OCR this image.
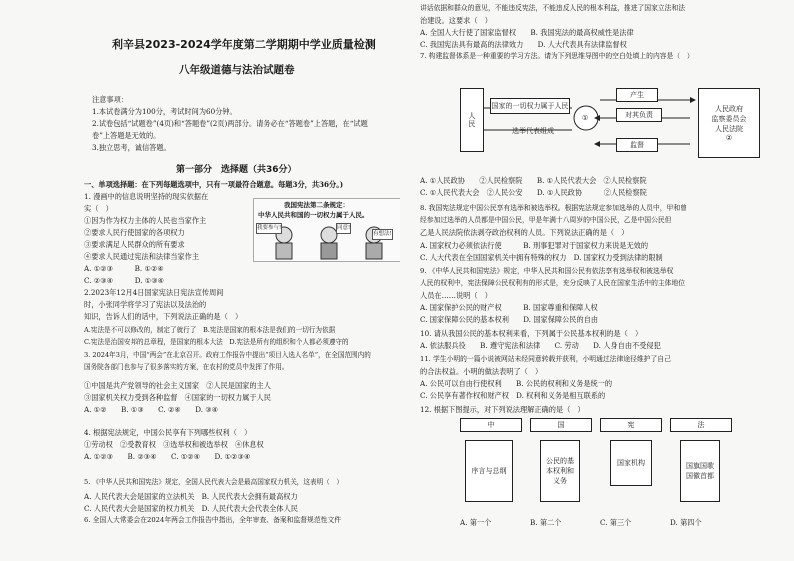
利辛县2023-2024学年度第二学期期中学业质量检测
八年级道德与法治试题卷
注意事项：
1.本试卷满分为100分，考试时间为60分钟。
2.试卷包括“试题卷”(4页)和“答题卷”(2页)两部分。请务必在“答题卷”上答题，在“试题
卷”上答题是无效的。
3.独立思考，诚信答题。
第一部分　选择题（共36分）
一、单项选择题：在下列每题选项中，只有一项最符合题意。每题3分，共36分。)
1. 漫画中的信息说明坚持的现实依据在
实（　）
①因为作为权力主体的人民也当家作主
②要求人民行使国家的各项权力
③要求满足人民群众的所有要求
④要求人民通过宪法和法律当家作主
A. ①②③　　　B. ①②④
C. ②③④　　　D. ①③④
2.2023年12月4日国家宪法日宪法宣传周间
时，小张同学将学习了宪法以及法治的
知识，告诉人们的话中，下列说法正确的是（　）
A.宪法是不可以修改的，制定了就行了　B.宪法是国家的根本法是我们的一切行为依据
C.宪法是治国安邦的总章程，是国家的根本大法　D.宪法是所有的组织和个人都必须遵守的
3. 2024年3月，中国“两会”在北京召开。政府工作报告中提出“项目入选人名单”，在全国范围内的
国务院各部门也参与了很多落实的方案，在农村的党员中发挥了作用。
①中国是共产党领导的社会主义国家　②人民是国家的主人
③国家机关权力受到各种监督　④国家的一切权力属于人民
A. ①②　　B. ①③　　C. ②④　　D. ③④
4. 根据宪法规定，中国公民享有下列哪些权利（　）
①劳动权　②受教育权　③选举权和被选举权　④休息权
A. ①②③　　B. ②③④　　C. ①②④　　D. ①②③④
5. 《中华人民共和国宪法》规定，全国人民代表大会是最高国家权力机关，这表明（　）
A. 人民代表大会是国家的立法机关　B. 人民代表大会拥有最高权力
C. 人民代表大会是国家的权力机关　D. 人民代表大会代表全体人民
6. 全国人大常委会在2024年两会工作报告中指出，全年审查、备案和监督规范性文件
我国宪法第二条规定：
中华人民共和国的一切权力属于人民。
我要参与!	同意!
有想法!
讲话依据和群众的意见，不能违反宪法，不能违反人民的根本利益，推进了国家立法和法
治建设。这要求（　）
A. 全国人大行使了国家监督权　　B. 我国宪法的最高权威性是法律
C. 我国宪法具有最高的法律效力　　D. 人大代表具有法律监督权
7. 构建监督体系是一种重要的学习方法。请为下列思维导图中的空白处填上的内容是（　）
人民
国家的一切权力属于人民
选举代表组成
①
产生
对其负责
监督
人民政府
监察委员会
人民法院
②
A. ①人民政协　　②人民检察院　　B. ①人民代表大会　②人民检察院
C. ①人民代表大会　②人民公安　　D. ①人民政协　　　②人民检察院
8. 我国宪法规定中国公民享有选举和被选举权。根据宪法规定参加选举的人员中，甲和曾
经参加过选举的人员都是中国公民，甲是年满十八周岁的中国公民，乙是中国公民但
乙是人民法院依法剥夺政治权利的人员。下列说法正确的是（　）
A. 国家权力必须依法行使　　　B. 刑事犯罪对于国家权力来说是无效的
C. 人大代表在全国国家机关中拥有特殊的权力　D. 国家权力受到法律的限制
9. 《中华人民共和国宪法》规定，中华人民共和国公民有依法享有选举权和被选举权
人民的权利中，宪法保障公民权利有的形式是，充分反映了人民在国家生活中的主体地位
人员在……说明（　）
A. 国家保护公民的财产权　　　B. 国家尊重和保障人权
C. 国家保障公民的基本权利　　D. 国家保障公民的自由
10. 请从我国公民的基本权利来看，下列属于公民基本权利的是（　）
A. 依法服兵役　　B. 遵守宪法和法律　　C. 劳动　　D. 人身自由不受侵犯
11. 学生小明的一篇小说被网站未经同意转载并获利，小明通过法律途径维护了自己
的合法权益。小明的做法表明了（　）
A. 公民可以自由行使权利　　B. 公民的权利和义务是统一的
C. 公民享有著作权和财产权　D. 权利和义务是相互联系的
12. 根据下图提示，对下列说法理解正确的是（　）
中	国	宪	法
序言与总纲
公民的基本权利和义务
国家机构	国旗国歌国徽首都
A. 第一个	B. 第二个	C. 第三个	D. 第四个
